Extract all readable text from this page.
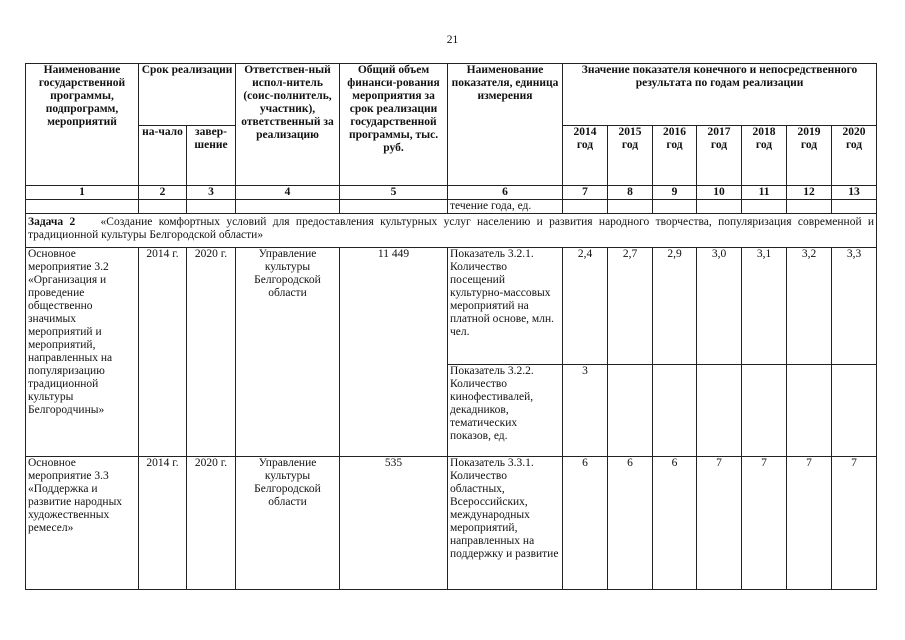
21
Наименование государственной программы, подпрограмм, мероприятий	Срок реализации		Ответствен-ный испол-нитель (соис-полнитель, участник), ответственный за реализацию	Общий объем финанси-рования мероприятия за срок реализации государственной программы, тыс. руб.	Наименование показателя, единица измерения	Значение показателя конечного и непосредственного результата по годам реализации						
	на-чало	завер-шение				2014 год	2015 год	2016 год	2017 год	2018 год	2019 год	2020 год
1	2	3	4	5	6	7	8	9	10	11	12	13
					течение года, ед.							
Задача 2 «Создание комфортных условий для предоставления культурных услуг населению и развития народного творчества, популяризация современной и традиционной культуры Белгородской области»												
Основное мероприятие 3.2 «Организация и проведение общественно значимых мероприятий и мероприятий, направленных на популяризацию традиционной культуры Белгородчины»	2014 г.	2020 г.	Управление культуры Белгородской области	11 449	Показатель 3.2.1. Количество посещений культурно-массовых мероприятий на платной основе, млн. чел.	2,4	2,7	2,9	3,0	3,1	3,2	3,3
					Показатель 3.2.2. Количество кинофестивалей, декадников, тематических показов, ед.	3						
Основное мероприятие 3.3 «Поддержка и развитие народных художественных ремесел»	2014 г.	2020 г.	Управление культуры Белгородской области	535	Показатель 3.3.1. Количество областных, Всероссийских, международных мероприятий, направленных на поддержку и развитие	6	6	6	7	7	7	7
